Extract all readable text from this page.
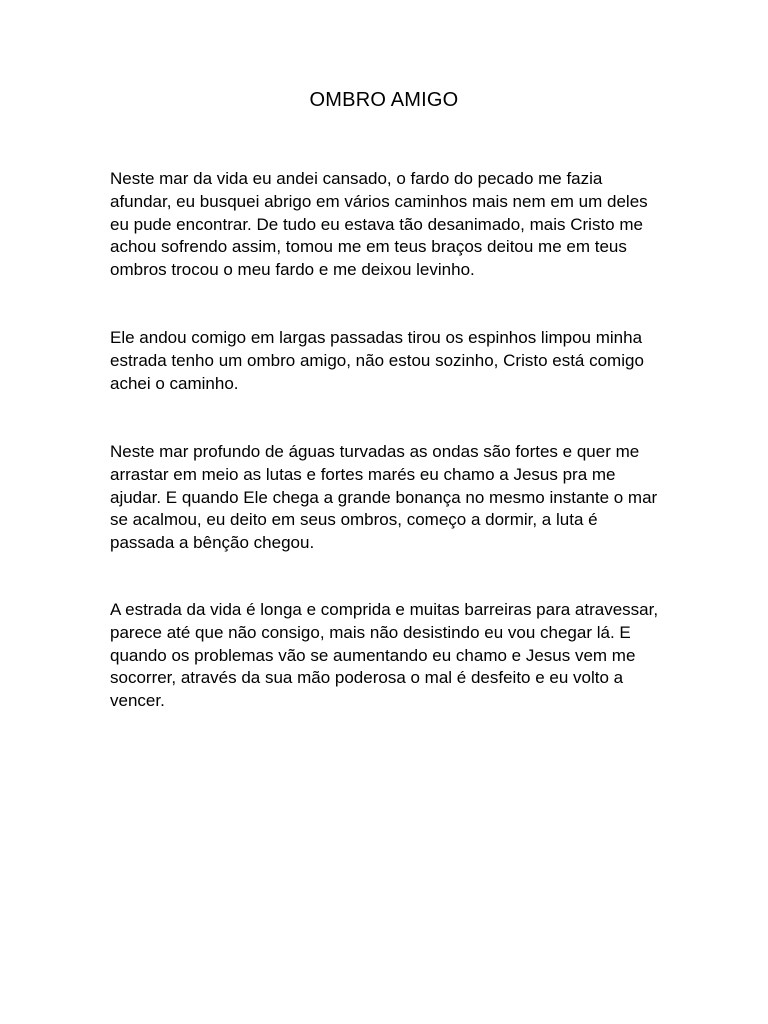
OMBRO AMIGO

Neste mar da vida eu andei cansado, o fardo do pecado me fazia afundar, eu busquei abrigo em vários caminhos mais nem em um deles eu pude encontrar. De tudo eu estava tão desanimado, mais Cristo me achou sofrendo assim, tomou me em teus braços deitou me em teus ombros trocou o meu fardo e me deixou levinho.

Ele andou comigo em largas passadas tirou os espinhos limpou minha estrada tenho um ombro amigo, não estou sozinho, Cristo está comigo achei o caminho.

Neste mar profundo de águas turvadas as ondas são fortes e quer me arrastar em meio as lutas e fortes marés eu chamo a Jesus pra me ajudar. E quando Ele chega a grande bonança no mesmo instante o mar se acalmou, eu deito em seus ombros, começo a dormir, a luta é passada a bênção chegou.

A estrada da vida é longa e comprida e muitas barreiras para atravessar, parece até que não consigo, mais não desistindo eu vou chegar lá. E quando os problemas vão se aumentando eu chamo e Jesus vem me socorrer, através da sua mão poderosa o mal é desfeito e eu volto a vencer.
